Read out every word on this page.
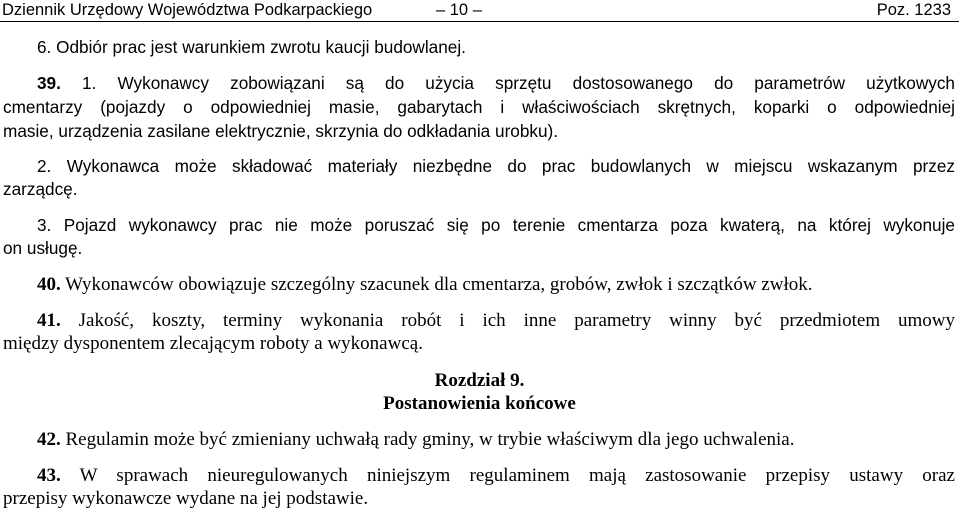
Dziennik Urzędowy Województwa Podkarpackiego	– 10 –	Poz. 1233
6. Odbiór prac jest warunkiem zwrotu kaucji budowlanej.
39. 1. Wykonawcy zobowiązani są do użycia sprzętu dostosowanego do parametrów użytkowych
cmentarzy (pojazdy o odpowiedniej masie, gabarytach i właściwościach skrętnych, koparki o odpowiedniej
masie, urządzenia zasilane elektrycznie, skrzynia do odkładania urobku).
2. Wykonawca może składować materiały niezbędne do prac budowlanych w miejscu wskazanym przez
zarządcę.
3. Pojazd wykonawcy prac nie może poruszać się po terenie cmentarza poza kwaterą, na której wykonuje
on usługę.
40. Wykonawców obowiązuje szczególny szacunek dla cmentarza, grobów, zwłok i szczątków zwłok.
41. Jakość, koszty, terminy wykonania robót i ich inne parametry winny być przedmiotem umowy
między dysponentem zlecającym roboty a wykonawcą.
Rozdział 9.
Postanowienia końcowe
42. Regulamin może być zmieniany uchwałą rady gminy, w trybie właściwym dla jego uchwalenia.
43. W sprawach nieuregulowanych niniejszym regulaminem mają zastosowanie przepisy ustawy oraz
przepisy wykonawcze wydane na jej podstawie.
